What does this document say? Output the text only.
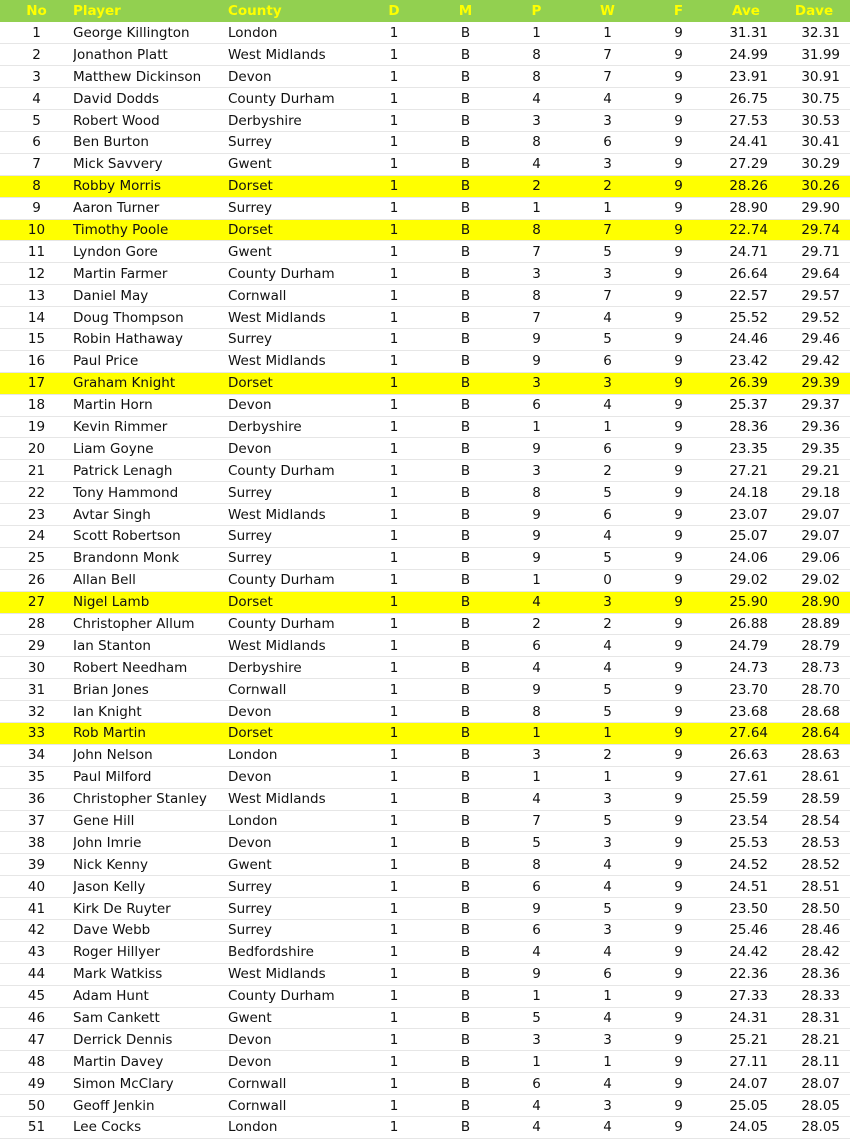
No	Player	County	D	M	P	W	F	Ave	Dave
1	George Killington	London	1	B	1	1	9	31.31	32.31
2	Jonathon Platt	West Midlands	1	B	8	7	9	24.99	31.99
3	Matthew Dickinson	Devon	1	B	8	7	9	23.91	30.91
4	David Dodds	County Durham	1	B	4	4	9	26.75	30.75
5	Robert Wood	Derbyshire	1	B	3	3	9	27.53	30.53
6	Ben Burton	Surrey	1	B	8	6	9	24.41	30.41
7	Mick Savvery	Gwent	1	B	4	3	9	27.29	30.29
8	Robby Morris	Dorset	1	B	2	2	9	28.26	30.26
9	Aaron Turner	Surrey	1	B	1	1	9	28.90	29.90
10	Timothy Poole	Dorset	1	B	8	7	9	22.74	29.74
11	Lyndon Gore	Gwent	1	B	7	5	9	24.71	29.71
12	Martin Farmer	County Durham	1	B	3	3	9	26.64	29.64
13	Daniel May	Cornwall	1	B	8	7	9	22.57	29.57
14	Doug Thompson	West Midlands	1	B	7	4	9	25.52	29.52
15	Robin Hathaway	Surrey	1	B	9	5	9	24.46	29.46
16	Paul Price	West Midlands	1	B	9	6	9	23.42	29.42
17	Graham Knight	Dorset	1	B	3	3	9	26.39	29.39
18	Martin Horn	Devon	1	B	6	4	9	25.37	29.37
19	Kevin Rimmer	Derbyshire	1	B	1	1	9	28.36	29.36
20	Liam Goyne	Devon	1	B	9	6	9	23.35	29.35
21	Patrick Lenagh	County Durham	1	B	3	2	9	27.21	29.21
22	Tony Hammond	Surrey	1	B	8	5	9	24.18	29.18
23	Avtar Singh	West Midlands	1	B	9	6	9	23.07	29.07
24	Scott Robertson	Surrey	1	B	9	4	9	25.07	29.07
25	Brandonn Monk	Surrey	1	B	9	5	9	24.06	29.06
26	Allan Bell	County Durham	1	B	1	0	9	29.02	29.02
27	Nigel Lamb	Dorset	1	B	4	3	9	25.90	28.90
28	Christopher Allum	County Durham	1	B	2	2	9	26.88	28.89
29	Ian Stanton	West Midlands	1	B	6	4	9	24.79	28.79
30	Robert Needham	Derbyshire	1	B	4	4	9	24.73	28.73
31	Brian Jones	Cornwall	1	B	9	5	9	23.70	28.70
32	Ian Knight	Devon	1	B	8	5	9	23.68	28.68
33	Rob Martin	Dorset	1	B	1	1	9	27.64	28.64
34	John Nelson	London	1	B	3	2	9	26.63	28.63
35	Paul Milford	Devon	1	B	1	1	9	27.61	28.61
36	Christopher Stanley	West Midlands	1	B	4	3	9	25.59	28.59
37	Gene Hill	London	1	B	7	5	9	23.54	28.54
38	John Imrie	Devon	1	B	5	3	9	25.53	28.53
39	Nick Kenny	Gwent	1	B	8	4	9	24.52	28.52
40	Jason Kelly	Surrey	1	B	6	4	9	24.51	28.51
41	Kirk De Ruyter	Surrey	1	B	9	5	9	23.50	28.50
42	Dave Webb	Surrey	1	B	6	3	9	25.46	28.46
43	Roger Hillyer	Bedfordshire	1	B	4	4	9	24.42	28.42
44	Mark Watkiss	West Midlands	1	B	9	6	9	22.36	28.36
45	Adam Hunt	County Durham	1	B	1	1	9	27.33	28.33
46	Sam Cankett	Gwent	1	B	5	4	9	24.31	28.31
47	Derrick Dennis	Devon	1	B	3	3	9	25.21	28.21
48	Martin Davey	Devon	1	B	1	1	9	27.11	28.11
49	Simon McClary	Cornwall	1	B	6	4	9	24.07	28.07
50	Geoff Jenkin	Cornwall	1	B	4	3	9	25.05	28.05
51	Lee Cocks	London	1	B	4	4	9	24.05	28.05
